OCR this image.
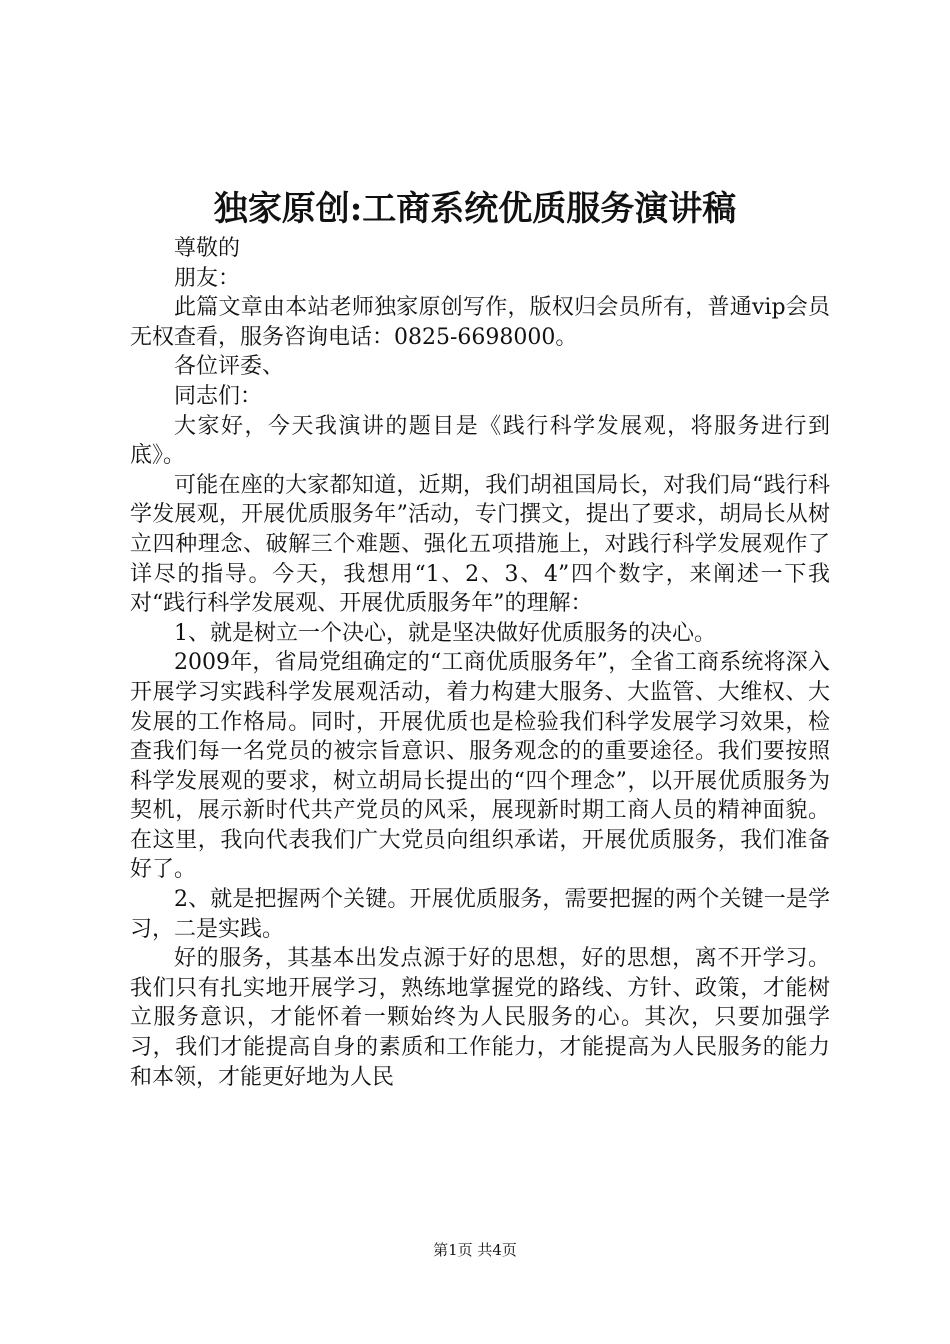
独家原创:工商系统优质服务演讲稿

尊敬的

朋友：

此篇文章由本站老师独家原创写作，版权归会员所有，普通vip会员无权查看，服务咨询电话：0825-6698000。

各位评委、

同志们：

大家好，今天我演讲的题目是《践行科学发展观，将服务进行到底》。

可能在座的大家都知道，近期，我们胡祖国局长，对我们局“践行科学发展观，开展优质服务年”活动，专门撰文，提出了要求，胡局长从树立四种理念、破解三个难题、强化五项措施上，对践行科学发展观作了详尽的指导。今天，我想用“1、2、3、4”四个数字，来阐述一下我对“践行科学发展观、开展优质服务年”的理解：

1、就是树立一个决心，就是坚决做好优质服务的决心。

2009年，省局党组确定的“工商优质服务年”，全省工商系统将深入开展学习实践科学发展观活动，着力构建大服务、大监管、大维权、大发展的工作格局。同时，开展优质也是检验我们科学发展学习效果，检查我们每一名党员的被宗旨意识、服务观念的的重要途径。我们要按照科学发展观的要求，树立胡局长提出的“四个理念”，以开展优质服务为契机，展示新时代共产党员的风采，展现新时期工商人员的精神面貌。在这里，我向代表我们广大党员向组织承诺，开展优质服务，我们准备好了。

2、就是把握两个关键。开展优质服务，需要把握的两个关键一是学习，二是实践。

好的服务，其基本出发点源于好的思想，好的思想，离不开学习。我们只有扎实地开展学习，熟练地掌握党的路线、方针、政策，才能树立服务意识，才能怀着一颗始终为人民服务的心。其次，只要加强学习，我们才能提高自身的素质和工作能力，才能提高为人民服务的能力和本领，才能更好地为人民

第1页 共4页
